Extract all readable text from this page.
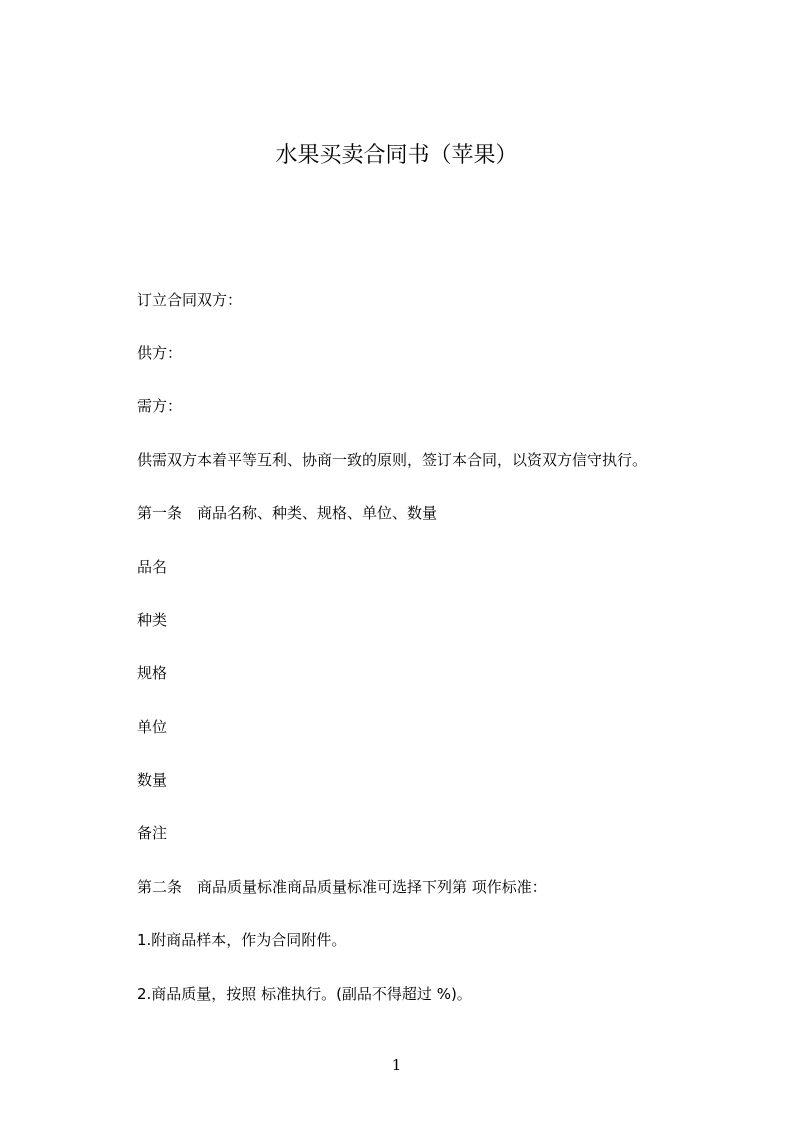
水果买卖合同书（苹果）

订立合同双方：

供方：

需方：

供需双方本着平等互利、协商一致的原则，签订本合同，以资双方信守执行。

第一条　商品名称、种类、规格、单位、数量

品名

种类

规格

单位

数量

备注

第二条　商品质量标准商品质量标准可选择下列第 项作标准：

1.附商品样本，作为合同附件。

2.商品质量，按照 标准执行。(副品不得超过 %)。

1
